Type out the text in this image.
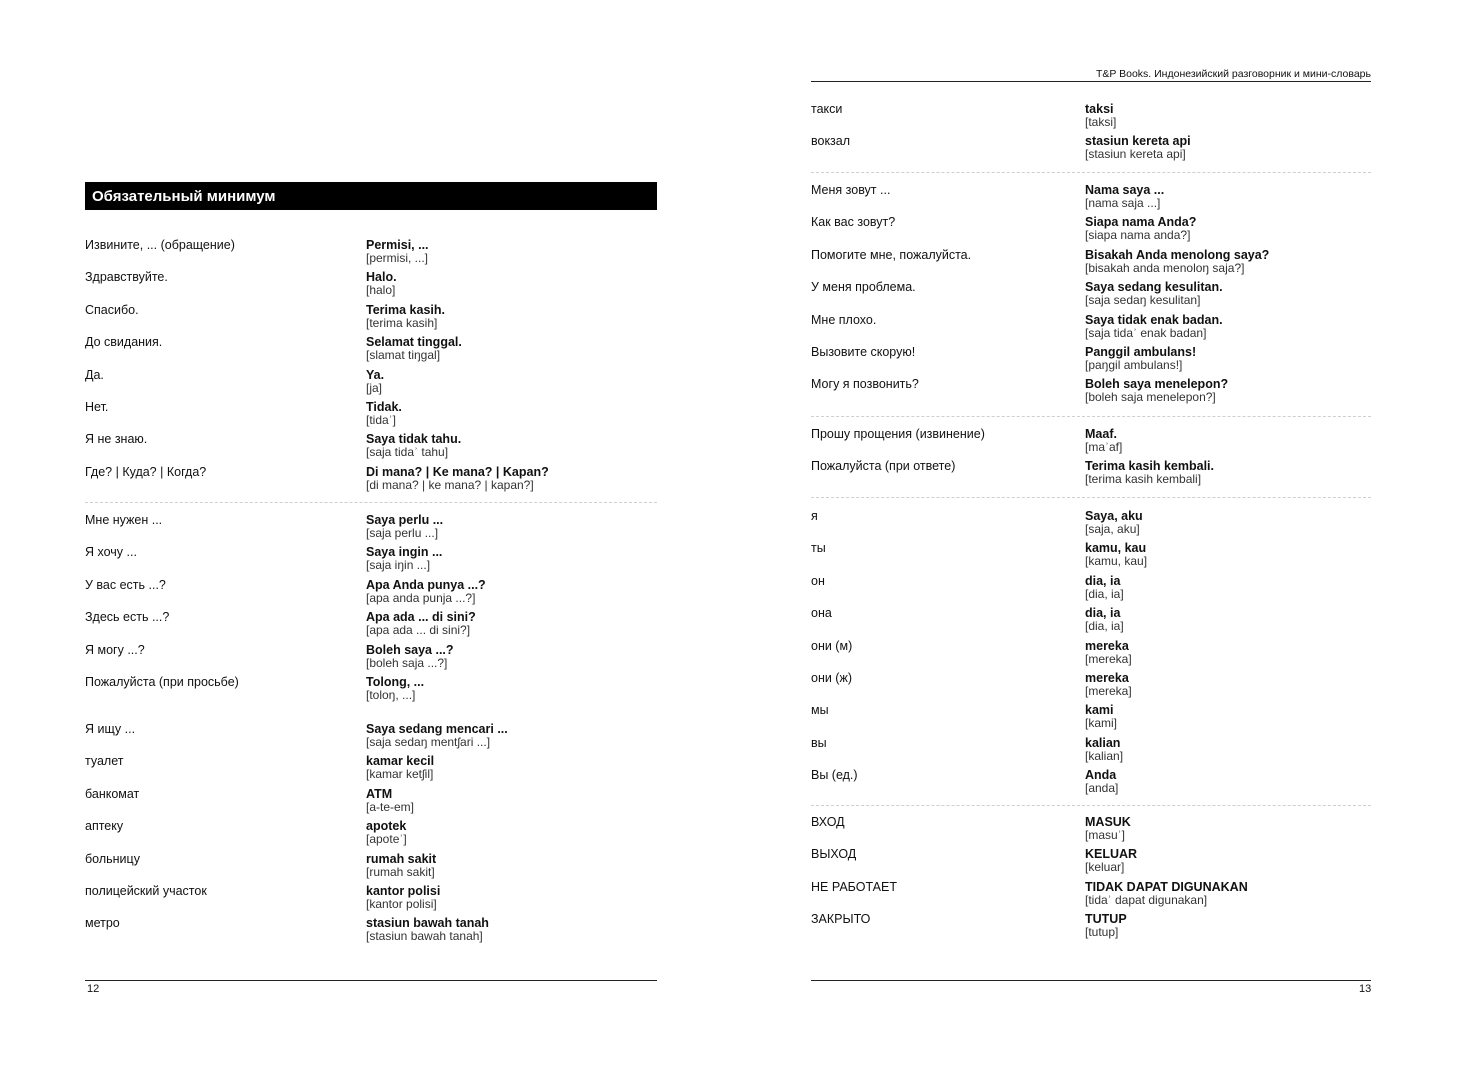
Обязательный минимум
12
Извините, ... (обращение)	Permisi, ...
[permisi, ...]
Здравствуйте.	Halo.
[halo]
Спасибо.	Terima kasih.
[terima kasih]
До свидания.	Selamat tinggal.
[slamat tiŋgal]
Да.	Ya.
[ja]
Нет.	Tidak.
[tidaʾ]
Я не знаю.	Saya tidak tahu.
[saja tidaʾ tahu]
Где? | Куда? | Когда?	Di mana? | Ke mana? | Kapan?
[di mana? | ke mana? | kapan?]
Мне нужен ...	Saya perlu ...
[saja perlu ...]
Я хочу ...	Saya ingin ...
[saja iŋin ...]
У вас есть ...?	Apa Anda punya ...?
[apa anda punja ...?]
Здесь есть ...?	Apa ada ... di sini?
[apa ada ... di sini?]
Я могу ...?	Boleh saya ...?
[boleh saja ...?]
Пожалуйста (при просьбе)	Tolong, ...
[toloŋ, ...]
Я ищу ...	Saya sedang mencari ...
[saja sedaŋ mentʃari ...]
туалет	kamar kecil
[kamar ketʃil]
банкомат	ATM
[a-te-em]
аптеку	apotek
[apoteʾ]
больницу	rumah sakit
[rumah sakit]
полицейский участок	kantor polisi
[kantor polisi]
метро	stasiun bawah tanah
[stasiun bawah tanah]
T&P Books. Индонезийский разговорник и мини-словарь
13
такси	taksi
[taksi]
вокзал	stasiun kereta api
[stasiun kereta api]
Меня зовут ...	Nama saya ...
[nama saja ...]
Как вас зовут?	Siapa nama Anda?
[siapa nama anda?]
Помогите мне, пожалуйста.	Bisakah Anda menolong saya?
[bisakah anda menoloŋ saja?]
У меня проблема.	Saya sedang kesulitan.
[saja sedaŋ kesulitan]
Мне плохо.	Saya tidak enak badan.
[saja tidaʾ enak badan]
Вызовите скорую!	Panggil ambulans!
[paŋgil ambulans!]
Могу я позвонить?	Boleh saya menelepon?
[boleh saja menelepon?]
Прошу прощения (извинение)	Maaf.
[maʾaf]
Пожалуйста (при ответе)	Terima kasih kembali.
[terima kasih kembali]
я	Saya, aku
[saja, aku]
ты	kamu, kau
[kamu, kau]
он	dia, ia
[dia, ia]
она	dia, ia
[dia, ia]
они (м)	mereka
[mereka]
они (ж)	mereka
[mereka]
мы	kami
[kami]
вы	kalian
[kalian]
Вы (ед.)	Anda
[anda]
ВХОД	MASUK
[masuʾ]
ВЫХОД	KELUAR
[keluar]
НЕ РАБОТАЕТ	TIDAK DAPAT DIGUNAKAN
[tidaʾ dapat digunakan]
ЗАКРЫТО	TUTUP
[tutup]
